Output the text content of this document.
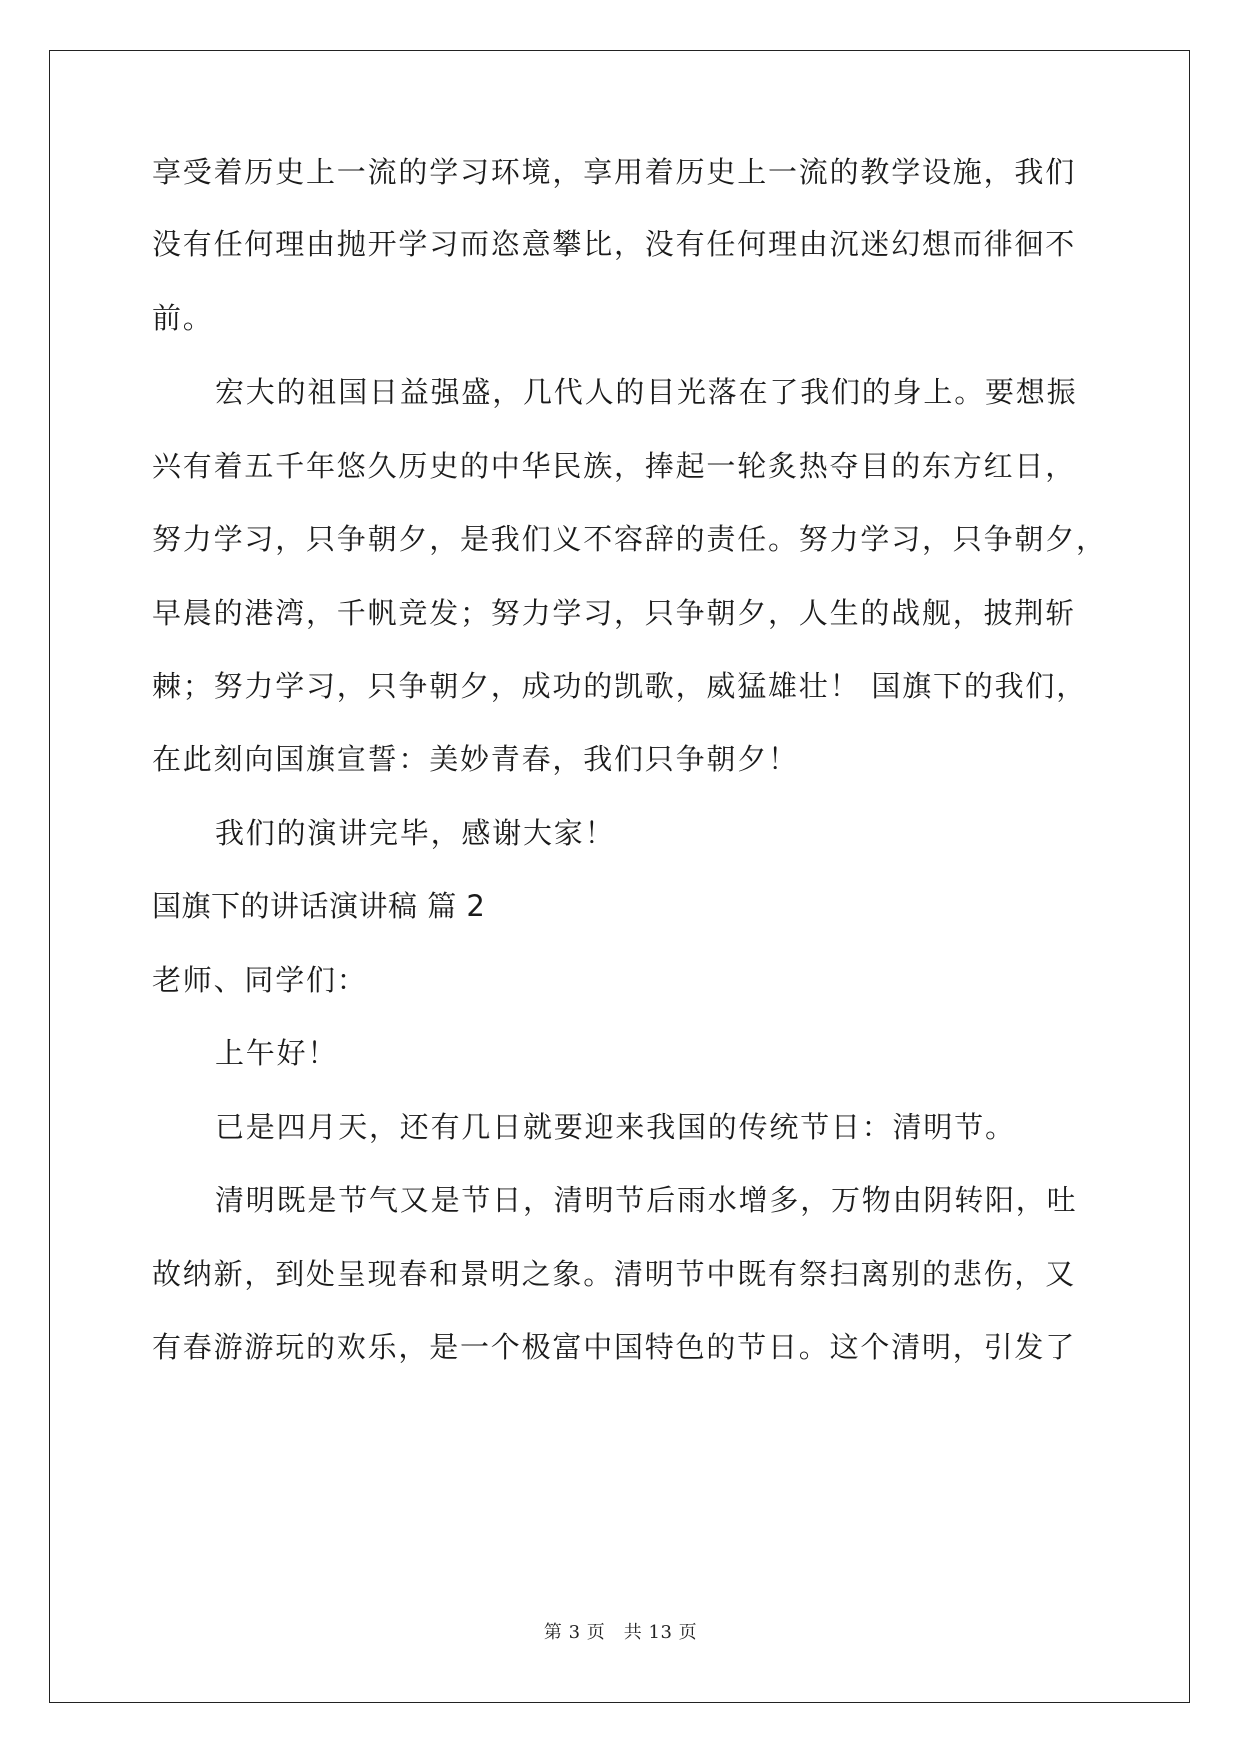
享受着历史上一流的学习环境，享用着历史上一流的教学设施，我们
没有任何理由抛开学习而恣意攀比，没有任何理由沉迷幻想而徘徊不
前。
宏大的祖国日益强盛，几代人的目光落在了我们的身上。要想振
兴有着五千年悠久历史的中华民族，捧起一轮炙热夺目的东方红日，
努力学习，只争朝夕，是我们义不容辞的责任。努力学习，只争朝夕，
早晨的港湾，千帆竞发；努力学习，只争朝夕，人生的战舰，披荆斩
棘；努力学习，只争朝夕，成功的凯歌，威猛雄壮！ 国旗下的我们，
在此刻向国旗宣誓：美妙青春，我们只争朝夕！
我们的演讲完毕，感谢大家！
国旗下的讲话演讲稿 篇 2
老师、同学们：
上午好！
已是四月天，还有几日就要迎来我国的传统节日：清明节。
清明既是节气又是节日，清明节后雨水增多，万物由阴转阳，吐
故纳新，到处呈现春和景明之象。清明节中既有祭扫离别的悲伤，又
有春游游玩的欢乐，是一个极富中国特色的节日。这个清明，引发了
第 3 页　共 13 页
